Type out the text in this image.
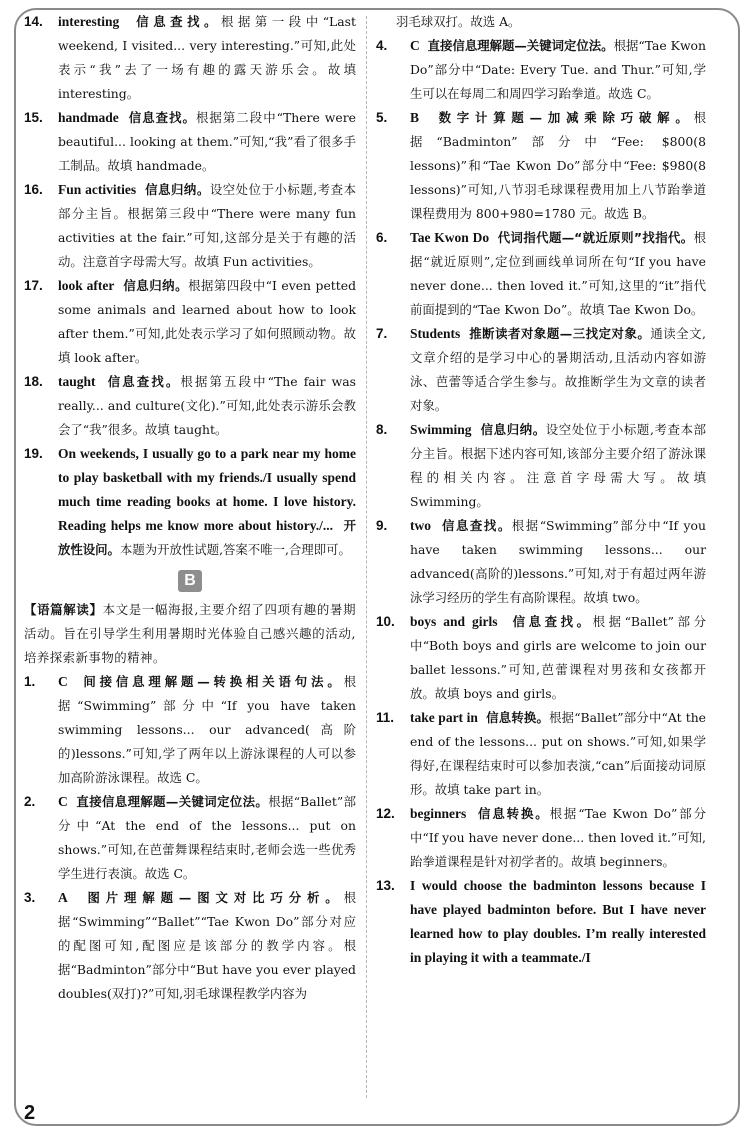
14.	interesting 信息查找。根据第一段中“Last weekend, I visited... very interesting.”可知,此处表示“我”去了一场有趣的露天游乐会。故填 interesting。
15.	handmade 信息查找。根据第二段中“There were beautiful... looking at them.”可知,“我”看了很多手工制品。故填 handmade。
16.	Fun activities 信息归纳。设空处位于小标题,考查本部分主旨。根据第三段中“There were many fun activities at the fair.”可知,这部分是关于有趣的活动。注意首字母需大写。故填 Fun activities。
17.	look after 信息归纳。根据第四段中“I even petted some animals and learned about how to look after them.”可知,此处表示学习了如何照顾动物。故填 look after。
18.	taught 信息查找。根据第五段中“The fair was really... and culture(文化).”可知,此处表示游乐会教会了“我”很多。故填 taught。
19.	On weekends, I usually go to a park near my home to play basketball with my friends./I usually spend much time reading books at home. I love history. Reading helps me know more about history./... 开放性设问。本题为开放性试题,答案不唯一,合理即可。
B
【语篇解读】本文是一幅海报,主要介绍了四项有趣的暑期活动。旨在引导学生利用暑期时光体验自己感兴趣的活动,培养探索新事物的精神。
1.	C 间接信息理解题—转换相关语句法。根据“Swimming”部分中“If you have taken swimming lessons... our advanced(高阶的)lessons.”可知,学了两年以上游泳课程的人可以参加高阶游泳课程。故选 C。
2.	C 直接信息理解题—关键词定位法。根据“Ballet”部分中“At the end of the lessons... put on shows.”可知,在芭蕾舞课程结束时,老师会选一些优秀学生进行表演。故选 C。
3.	A 图片理解题—图文对比巧分析。根据“Swimming”“Ballet”“Tae Kwon Do”部分对应的配图可知,配图应是该部分的教学内容。根据“Badminton”部分中“But have you ever played doubles(双打)?”可知,羽毛球课程教学内容为
羽毛球双打。故选 A。
4.	C 直接信息理解题—关键词定位法。根据“Tae Kwon Do”部分中“Date: Every Tue. and Thur.”可知,学生可以在每周二和周四学习跆拳道。故选 C。
5.	B 数字计算题—加减乘除巧破解。根据“Badminton”部分中“Fee: $800(8 lessons)”和“Tae Kwon Do”部分中“Fee: $980(8 lessons)”可知,八节羽毛球课程费用加上八节跆拳道课程费用为 800+980=1780 元。故选 B。
6.	Tae Kwon Do 代词指代题—“就近原则”找指代。根据“就近原则”,定位到画线单词所在句“If you have never done... then loved it.”可知,这里的“it”指代前面提到的“Tae Kwon Do”。故填 Tae Kwon Do。
7.	Students 推断读者对象题—三找定对象。通读全文,文章介绍的是学习中心的暑期活动,且活动内容如游泳、芭蕾等适合学生参与。故推断学生为文章的读者对象。
8.	Swimming 信息归纳。设空处位于小标题,考查本部分主旨。根据下述内容可知,该部分主要介绍了游泳课程的相关内容。注意首字母需大写。故填 Swimming。
9.	two 信息查找。根据“Swimming”部分中“If you have taken swimming lessons... our advanced(高阶的)lessons.”可知,对于有超过两年游泳学习经历的学生有高阶课程。故填 two。
10.	boys and girls 信息查找。根据“Ballet”部分中“Both boys and girls are welcome to join our ballet lessons.”可知,芭蕾课程对男孩和女孩都开放。故填 boys and girls。
11.	take part in 信息转换。根据“Ballet”部分中“At the end of the lessons... put on shows.”可知,如果学得好,在课程结束时可以参加表演,“can”后面接动词原形。故填 take part in。
12.	beginners 信息转换。根据“Tae Kwon Do”部分中“If you have never done... then loved it.”可知,跆拳道课程是针对初学者的。故填 beginners。
13.	I would choose the badminton lessons because I have played badminton before. But I have never learned how to play doubles. I’m really interested in playing it with a teammate./I
2
